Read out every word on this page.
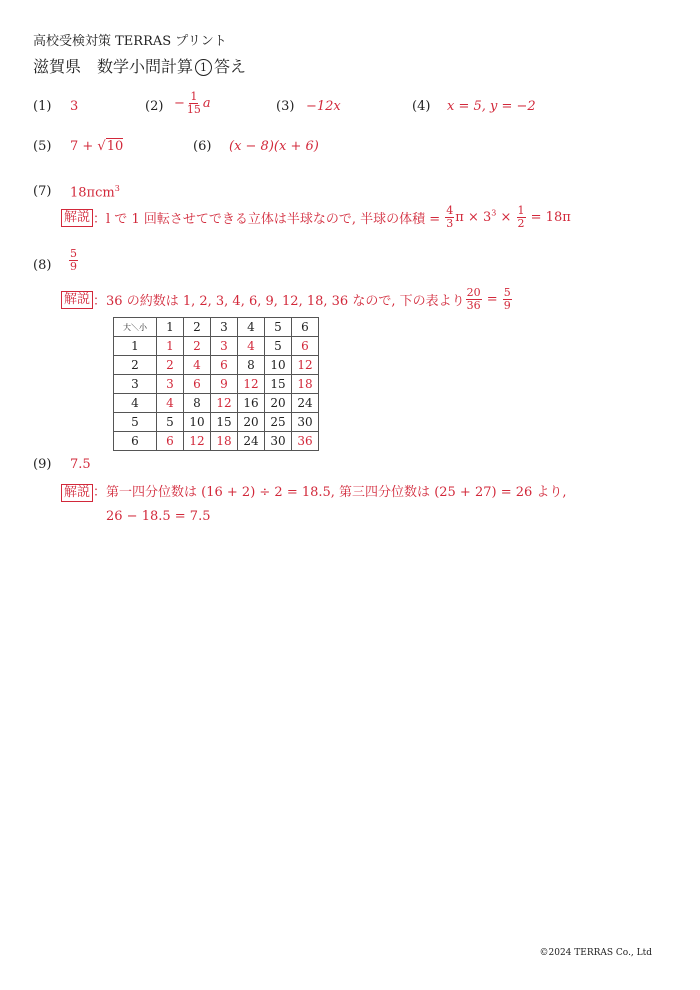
高校受検対策 TERRAS プリント
滋賀県　数学小問計算 1 答え
(1) 3	$(2) - \frac{1}{15}$ a	(3) −12x	(4) x = 5, y = −2
(5) 7 + √10	(6) (x − 8)(x + 6)
(7) 18πcm$^3$
解説 ：l で 1 回転させてできる立体は半球なので, 半球の体積 = $\frac{4}{3}$ $\pi \times 3^3 \times \frac{1}{2} = 18\pi$
$(8) \frac{5}{9}$
解説 ：36 の約数は 1, 2, 3, 4, 6, 9, 12, 18, 36 なので, 下の表より $\frac{20}{36} = \frac{5}{9}$
大＼小	1	2	3	4	5	6
1	1	2	3	4	5	6
2	2	4	6	8	10	12
3	3	6	9	12	15	18
4	4	8	12	16	20	24
5	5	10	15	20	25	30
6	6	12	18	24	30	36
(9) 7.5
解説 ：第一四分位数は (16 + 2) ÷ 2 = 18.5, 第三四分位数は (25 + 27) = 26 より,
26 − 18.5 = 7.5
©2024 TERRAS Co., Ltd
